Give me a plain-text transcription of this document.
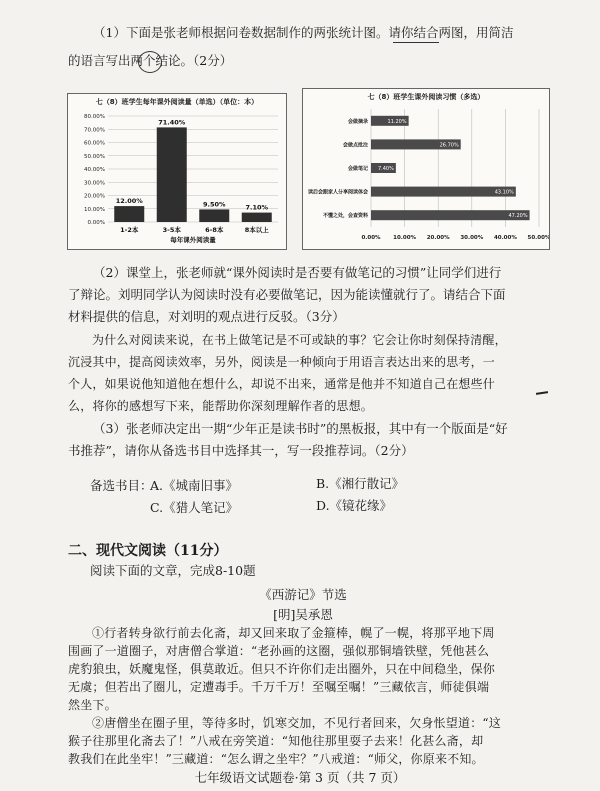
（1）下面是张老师根据问卷数据制作的两张统计图。请你结合两图，用简洁

的语言写出两个结论。（2分）

七（8）班学生每年课外阅读量（单选）（单位：本）
0.00%
10.00%
20.00%
30.00%
40.00%
50.00%
60.00%
70.00%
80.00%
12.00%
1-2本
71.40%
3-5本
9.50%
6-8本
7.10%
8本以上
每年课外阅读量
七（8）班学生课外阅读习惯（多选）
0.00% 10.00% 20.00% 30.00% 40.00% 50.00%
11.20%
会做摘录
26.70%
会做点批注
7.40%
会做笔记
43.10%
读后会跟家人分享阅读体会
47.20%
不懂之处，会查资料

（2）课堂上，张老师就“课外阅读时是否要有做笔记的习惯”让同学们进行

了辩论。刘明同学认为阅读时没有必要做笔记，因为能读懂就行了。请结合下面

材料提供的信息，对刘明的观点进行反驳。（3分）

为什么对阅读来说，在书上做笔记是不可或缺的事？它会让你时刻保持清醒，

沉浸其中，提高阅读效率，另外，阅读是一种倾向于用语言表达出来的思考，一

个人，如果说他知道他在想什么，却说不出来，通常是他并不知道自己在想些什

么，将你的感想写下来，能帮助你深刻理解作者的思想。

（3）张老师决定出一期“少年正是读书时”的黑板报，其中有一个版面是“好

书推荐”，请你从备选书目中选择其一，写一段推荐词。（2分）

备选书目：
A.《城南旧事》	B.《湘行散记》
C.《猎人笔记》	D.《镜花缘》
二、现代文阅读（11分）

阅读下面的文章，完成8-10题

《西游记》节选

[明]吴承恩

①行者转身欲行前去化斋，却又回来取了金箍棒，幌了一幌，将那平地下周

围画了一道圈子，对唐僧合掌道：“老孙画的这圈，强似那铜墙铁壁，凭他甚么

虎豹狼虫，妖魔鬼怪，俱莫敢近。但只不许你们走出圈外，只在中间稳坐，保你

无虞；但若出了圈儿，定遭毒手。千万千万！至嘱至嘱！”三藏依言，师徒俱端

然坐下。

七年级语文试题卷·第 3 页（共 7 页）

②唐僧坐在圈子里，等待多时，饥寒交加，不见行者回来，欠身怅望道：“这

猴子往那里化斋去了！”八戒在旁笑道：“知他往那里耍子去来！化甚么斋，却

教我们在此坐牢！”三藏道：“怎么谓之坐牢？”八戒道：“师父，你原来不知。
